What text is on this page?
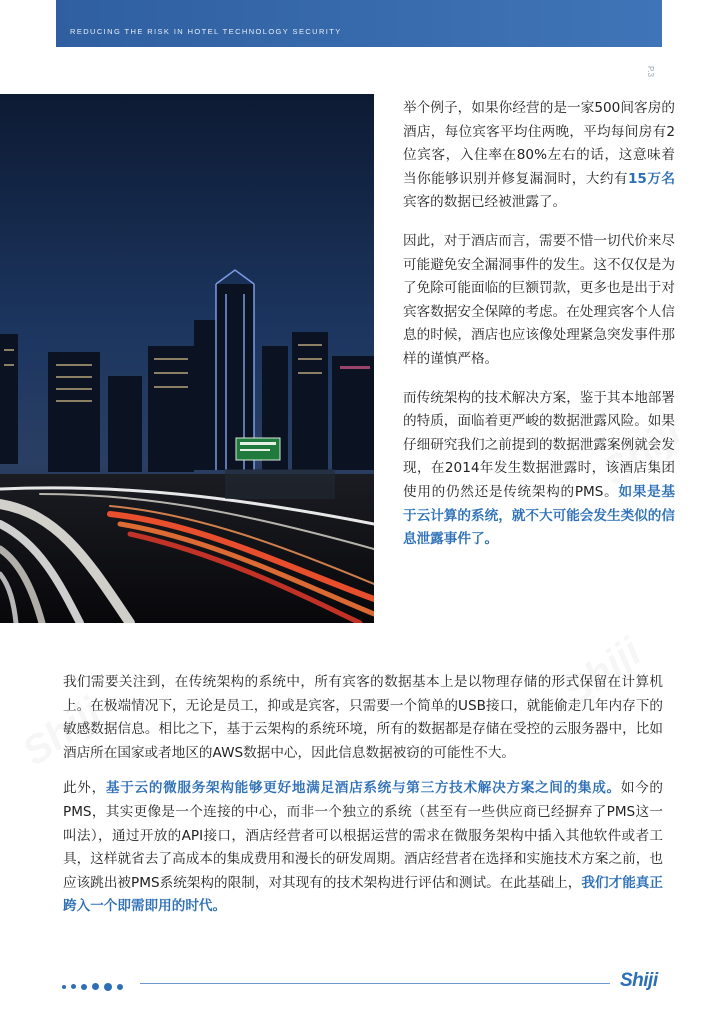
REDUCING THE RISK IN HOTEL TECHNOLOGY SECURITY
P.3

举个例子，如果你经营的是一家500间客房的酒店，每位宾客平均住两晚，平均每间房有2位宾客，入住率在80%左右的话，这意味着当你能够识别并修复漏洞时，大约有15万名宾客的数据已经被泄露了。

因此，对于酒店而言，需要不惜一切代价来尽可能避免安全漏洞事件的发生。这不仅仅是为了免除可能面临的巨额罚款，更多也是出于对宾客数据安全保障的考虑。在处理宾客个人信息的时候，酒店也应该像处理紧急突发事件那样的谨慎严格。

而传统架构的技术解决方案，鉴于其本地部署的特质，面临着更严峻的数据泄露风险。如果仔细研究我们之前提到的数据泄露案例就会发现，在2014年发生数据泄露时，该酒店集团使用的仍然还是传统架构的PMS。如果是基于云计算的系统，就不大可能会发生类似的信息泄露事件了。

我们需要关注到，在传统架构的系统中，所有宾客的数据基本上是以物理存储的形式保留在计算机上。在极端情况下，无论是员工，抑或是宾客，只需要一个简单的USB接口，就能偷走几年内存下的敏感数据信息。相比之下，基于云架构的系统环境，所有的数据都是存储在受控的云服务器中，比如酒店所在国家或者地区的AWS数据中心，因此信息数据被窃的可能性不大。

此外，基于云的微服务架构能够更好地满足酒店系统与第三方技术解决方案之间的集成。如今的PMS，其实更像是一个连接的中心，而非一个独立的系统（甚至有一些供应商已经摒弃了PMS这一叫法），通过开放的API接口，酒店经营者可以根据运营的需求在微服务架构中插入其他软件或者工具，这样就省去了高成本的集成费用和漫长的研发周期。酒店经营者在选择和实施技术方案之前，也应该跳出被PMS系统架构的限制，对其现有的技术架构进行评估和测试。在此基础上，我们才能真正跨入一个即需即用的时代。

Shiji
